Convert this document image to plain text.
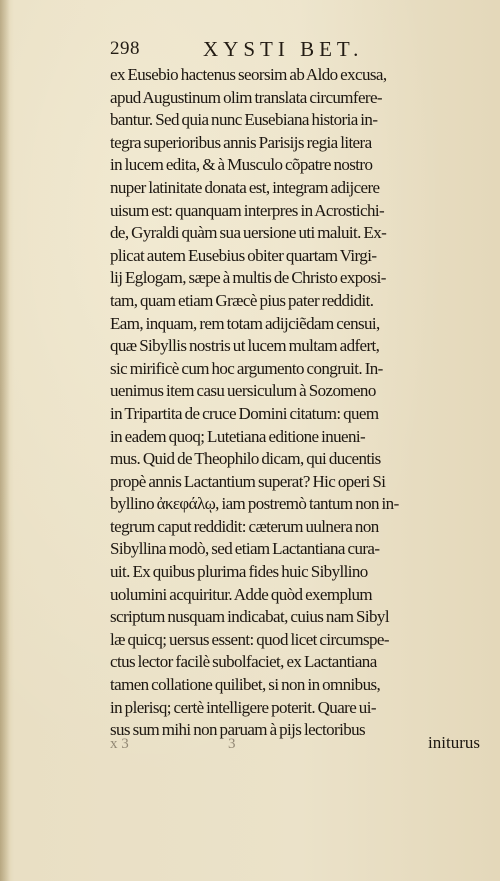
298	XYSTI BET.
ex Eusebio hactenus seorsim ab Aldo excusa,
apud Augustinum olim translata circumfere-
bantur. Sed quia nunc Eusebiana historia in-
tegra superioribus annis Parisijs regia litera
in lucem edita, & à Musculo cõpatre nostro
nuper latinitate donata est, integram adijcere
uisum est: quanquam interpres in Acrostichi-
de, Gyraldi quàm sua uersione uti maluit. Ex-
plicat autem Eusebius obiter quartam Virgi-
lij Eglogam, sæpe à multis de Christo exposi-
tam, quam etiam Græcè pius pater reddidit.
Eam, inquam, rem totam adijciẽdam censui,
quæ Sibyllis nostris ut lucem multam adfert,
sic mirificè cum hoc argumento congruit. In-
uenimus item casu uersiculum à Sozomeno
in Tripartita de cruce Domini citatum: quem
in eadem quoq; Lutetiana editione inueni-
mus. Quid de Theophilo dicam, qui ducentis
propè annis Lactantium superat? Hic operi Si
byllino ἀκεφάλῳ, iam postremò tantum non in-
tegrum caput reddidit: cæterum uulnera non
Sibyllina modò, sed etiam Lactantiana cura-
uit. Ex quibus plurima fides huic Sibyllino
uolumini acquiritur. Adde quòd exemplum
scriptum nusquam indicabat, cuius nam Sibyl
læ quicq; uersus essent: quod licet circumspe-
ctus lector facilè subolfaciet, ex Lactantiana
tamen collatione quilibet, si non in omnibus,
in plerisq; certè intelligere poterit. Quare ui-
sus sum mihi non paruam à pijs lectoribus
x 3	3	initurus
